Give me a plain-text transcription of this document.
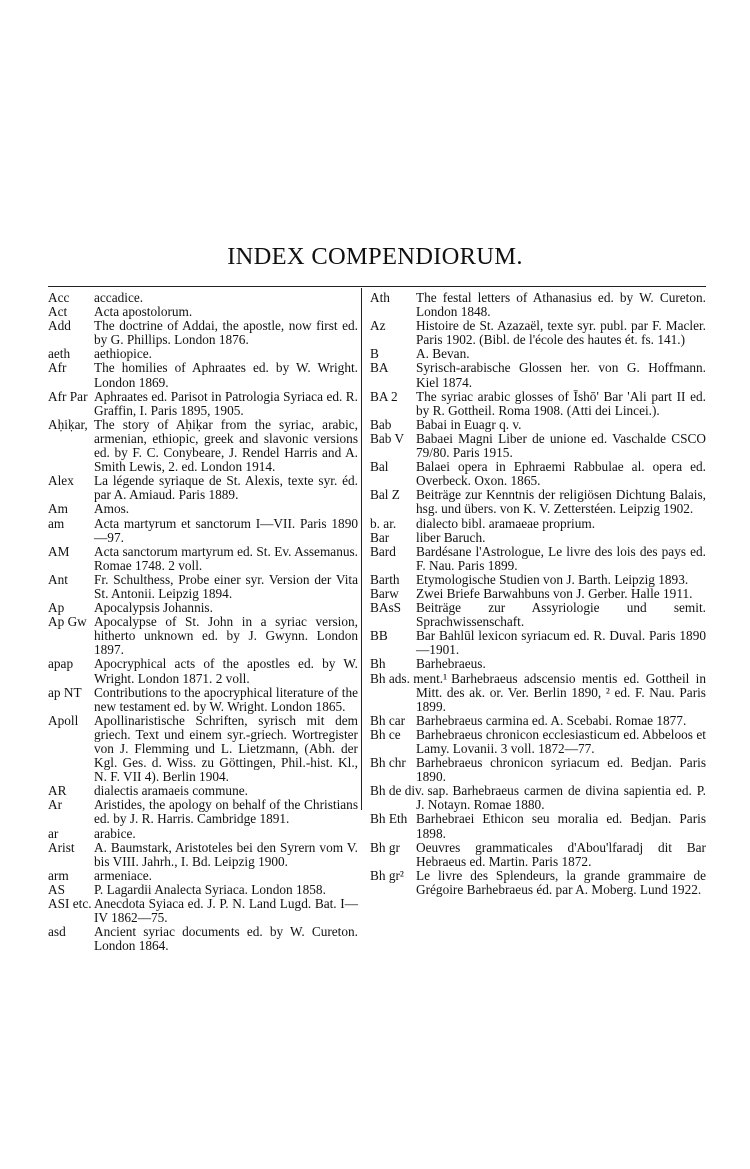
INDEX COMPENDIORUM.

Acc accadice.

Act Acta apostolorum.

Add The doctrine of Addai, the apostle, now first ed. by G. Phillips. London 1876.

aeth aethiopice.

Afr The homilies of Aphraates ed. by W. Wright. London 1869.

Afr Par Aphraates ed. Parisot in Patrologia Syriaca ed. R. Graffin, I. Paris 1895, 1905.

Aḥiḳar, The story of Aḥiḳar from the syriac, arabic, armenian, ethiopic, greek and slavonic versions ed. by F. C. Conybeare, J. Rendel Harris and A. Smith Lewis, 2. ed. London 1914.

Alex La légende syriaque de St. Alexis, texte syr. éd. par A. Amiaud. Paris 1889.

Am Amos.

am Acta martyrum et sanctorum I—VII. Paris 1890—97.

AM Acta sanctorum martyrum ed. St. Ev. Assemanus. Romae 1748. 2 voll.

Ant Fr. Schulthess, Probe einer syr. Version der Vita St. Antonii. Leipzig 1894.

Ap Apocalypsis Johannis.

Ap Gw Apocalypse of St. John in a syriac version, hitherto unknown ed. by J. Gwynn. London 1897.

apap Apocryphical acts of the apostles ed. by W. Wright. London 1871. 2 voll.

ap NT Contributions to the apocryphical literature of the new testament ed. by W. Wright. London 1865.

Apoll Apollinaristische Schriften, syrisch mit dem griech. Text und einem syr.-griech. Wortregister von J. Flemming und L. Lietzmann, (Abh. der Kgl. Ges. d. Wiss. zu Göttingen, Phil.-hist. Kl., N. F. VII 4). Berlin 1904.

AR dialectis aramaeis commune.

Ar Aristides, the apology on behalf of the Christians ed. by J. R. Harris. Cambridge 1891.

ar	arabice.

Arist A. Baumstark, Aristoteles bei den Syrern vom V. bis VIII. Jahrh., I. Bd. Leipzig 1900.

arm armeniace.

AS P. Lagardii Analecta Syriaca. London 1858.

ASI etc. Anecdota Syiaca ed. J. P. N. Land Lugd. Bat. I—IV 1862—75.

asd Ancient syriac documents ed. by W. Cureton. London 1864.

Ath The festal letters of Athanasius ed. by W. Cureton. London 1848.

Az Histoire de St. Azazaël, texte syr. publ. par F. Macler. Paris 1902. (Bibl. de l'école des hautes ét. fs. 141.)

B	A. Bevan.

BA Syrisch-arabische Glossen her. von G. Hoffmann. Kiel 1874.

BA 2 The syriac arabic glosses of Īshō' Bar 'Ali part II ed. by R. Gottheil. Roma 1908. (Atti dei Lincei.).

Bab Babai in Euagr q. v.

Bab V Babaei Magni Liber de unione ed. Vaschalde CSCO 79/80. Paris 1915.

Bal Balaei opera in Ephraemi Rabbulae al. opera ed. Overbeck. Oxon. 1865.

Bal Z Beiträge zur Kenntnis der religiösen Dichtung Balais, hsg. und übers. von K. V. Zetterstéen. Leipzig 1902.

b. ar. dialecto bibl. aramaeae proprium.

Bar liber Baruch.

Bard Bardésane l'Astrologue, Le livre des lois des pays ed. F. Nau. Paris 1899.

Barth Etymologische Studien von J. Barth. Leipzig 1893.

Barw Zwei Briefe Barwahbuns von J. Gerber. Halle 1911.

BAsS Beiträge zur Assyriologie und semit. Sprachwissenschaft.

BB Bar Bahlūl lexicon syriacum ed. R. Duval. Paris 1890—1901.

Bh Barhebraeus.

Bh ads. ment.¹ Barhebraeus adscensio mentis ed. Gottheil in Mitt. des ak. or. Ver. Berlin 1890, ² ed. F. Nau. Paris 1899.

Bh car Barhebraeus carmina ed. A. Scebabi. Romae 1877.

Bh ce Barhebraeus chronicon ecclesiasticum ed. Abbeloos et Lamy. Lovanii. 3 voll. 1872—77.

Bh chr Barhebraeus chronicon syriacum ed. Bedjan. Paris 1890.

Bh de div. sap. Barhebraeus carmen de divina sapientia ed. P. J. Notayn. Romae 1880.

Bh Eth Barhebraei Ethicon seu moralia ed. Bedjan. Paris 1898.

Bh gr Oeuvres grammaticales d'Abou'lfaradj dit Bar Hebraeus ed. Martin. Paris 1872.

Bh gr² Le livre des Splendeurs, la grande grammaire de Grégoire Barhebraeus éd. par A. Moberg. Lund 1922.
